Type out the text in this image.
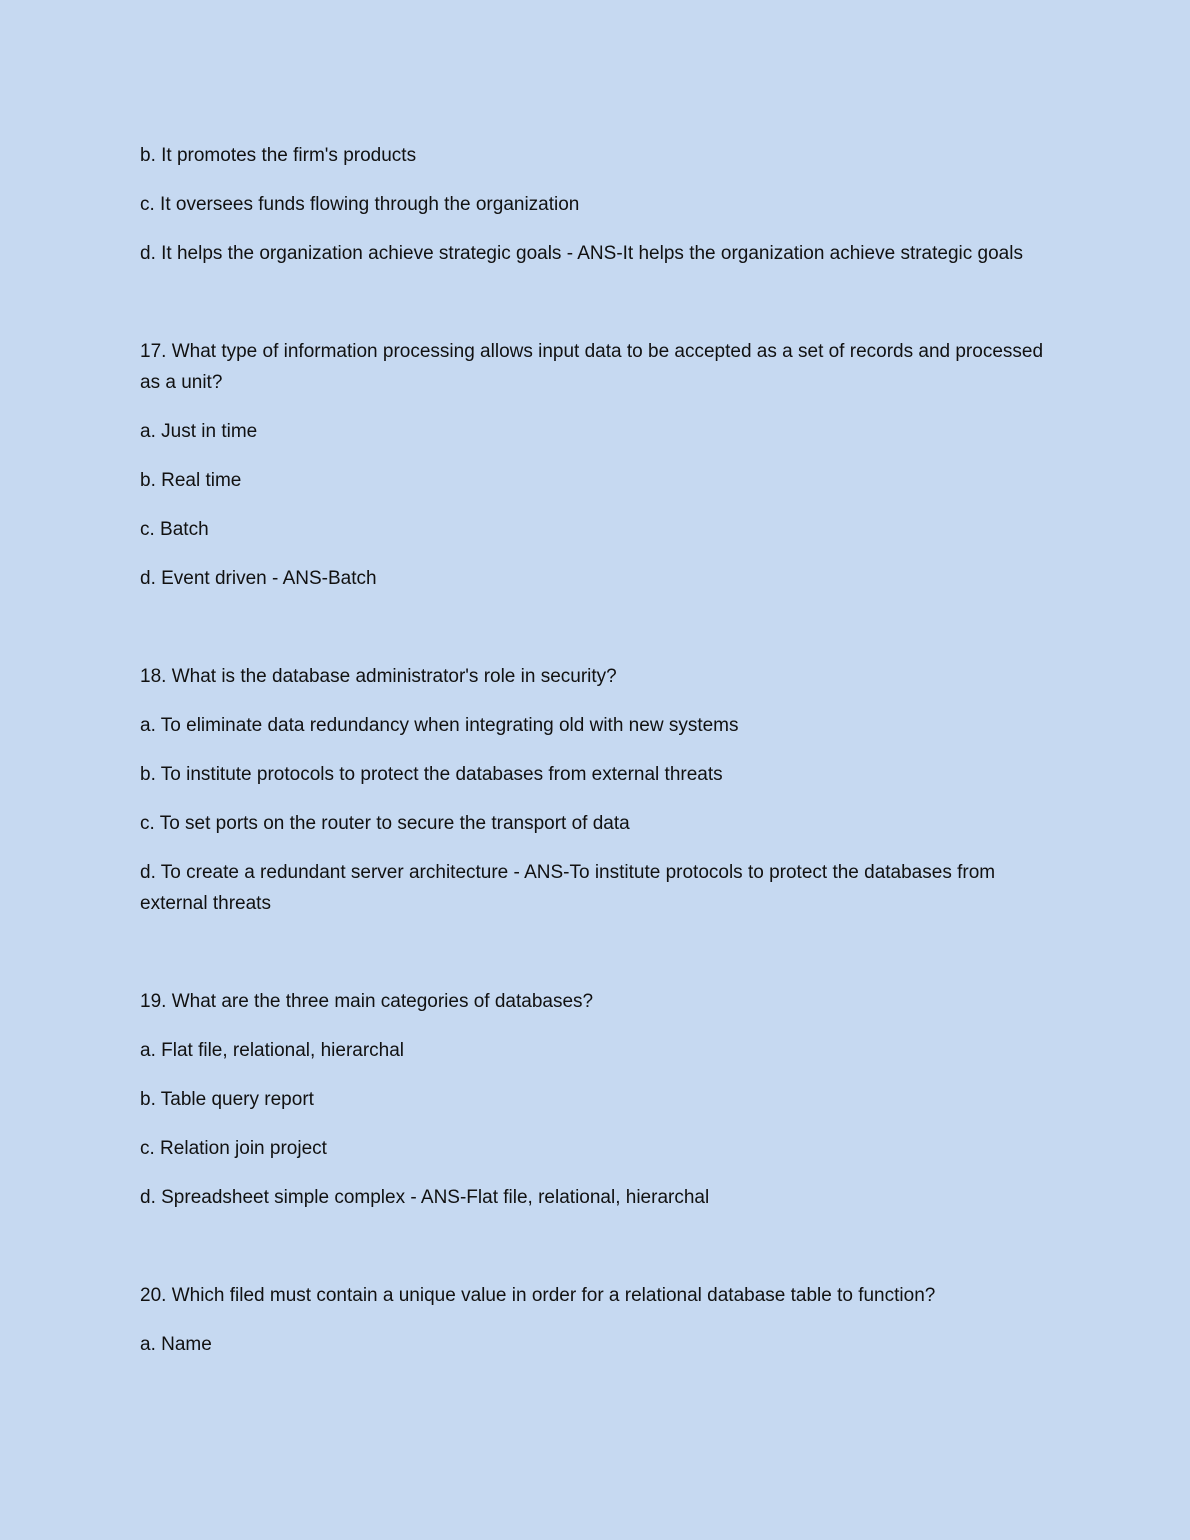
b. It promotes the firm's products

c. It oversees funds flowing through the organization

d. It helps the organization achieve strategic goals - ANS-It helps the organization achieve strategic goals

17. What type of information processing allows input data to be accepted as a set of records and processed as a unit?

a. Just in time

b. Real time

c. Batch

d. Event driven - ANS-Batch

18. What is the database administrator's role in security?

a. To eliminate data redundancy when integrating old with new systems

b. To institute protocols to protect the databases from external threats

c. To set ports on the router to secure the transport of data

d. To create a redundant server architecture - ANS-To institute protocols to protect the databases from external threats

19. What are the three main categories of databases?

a. Flat file, relational, hierarchal

b. Table query report

c. Relation join project

d. Spreadsheet simple complex - ANS-Flat file, relational, hierarchal

20. Which filed must contain a unique value in order for a relational database table to function?

a. Name
